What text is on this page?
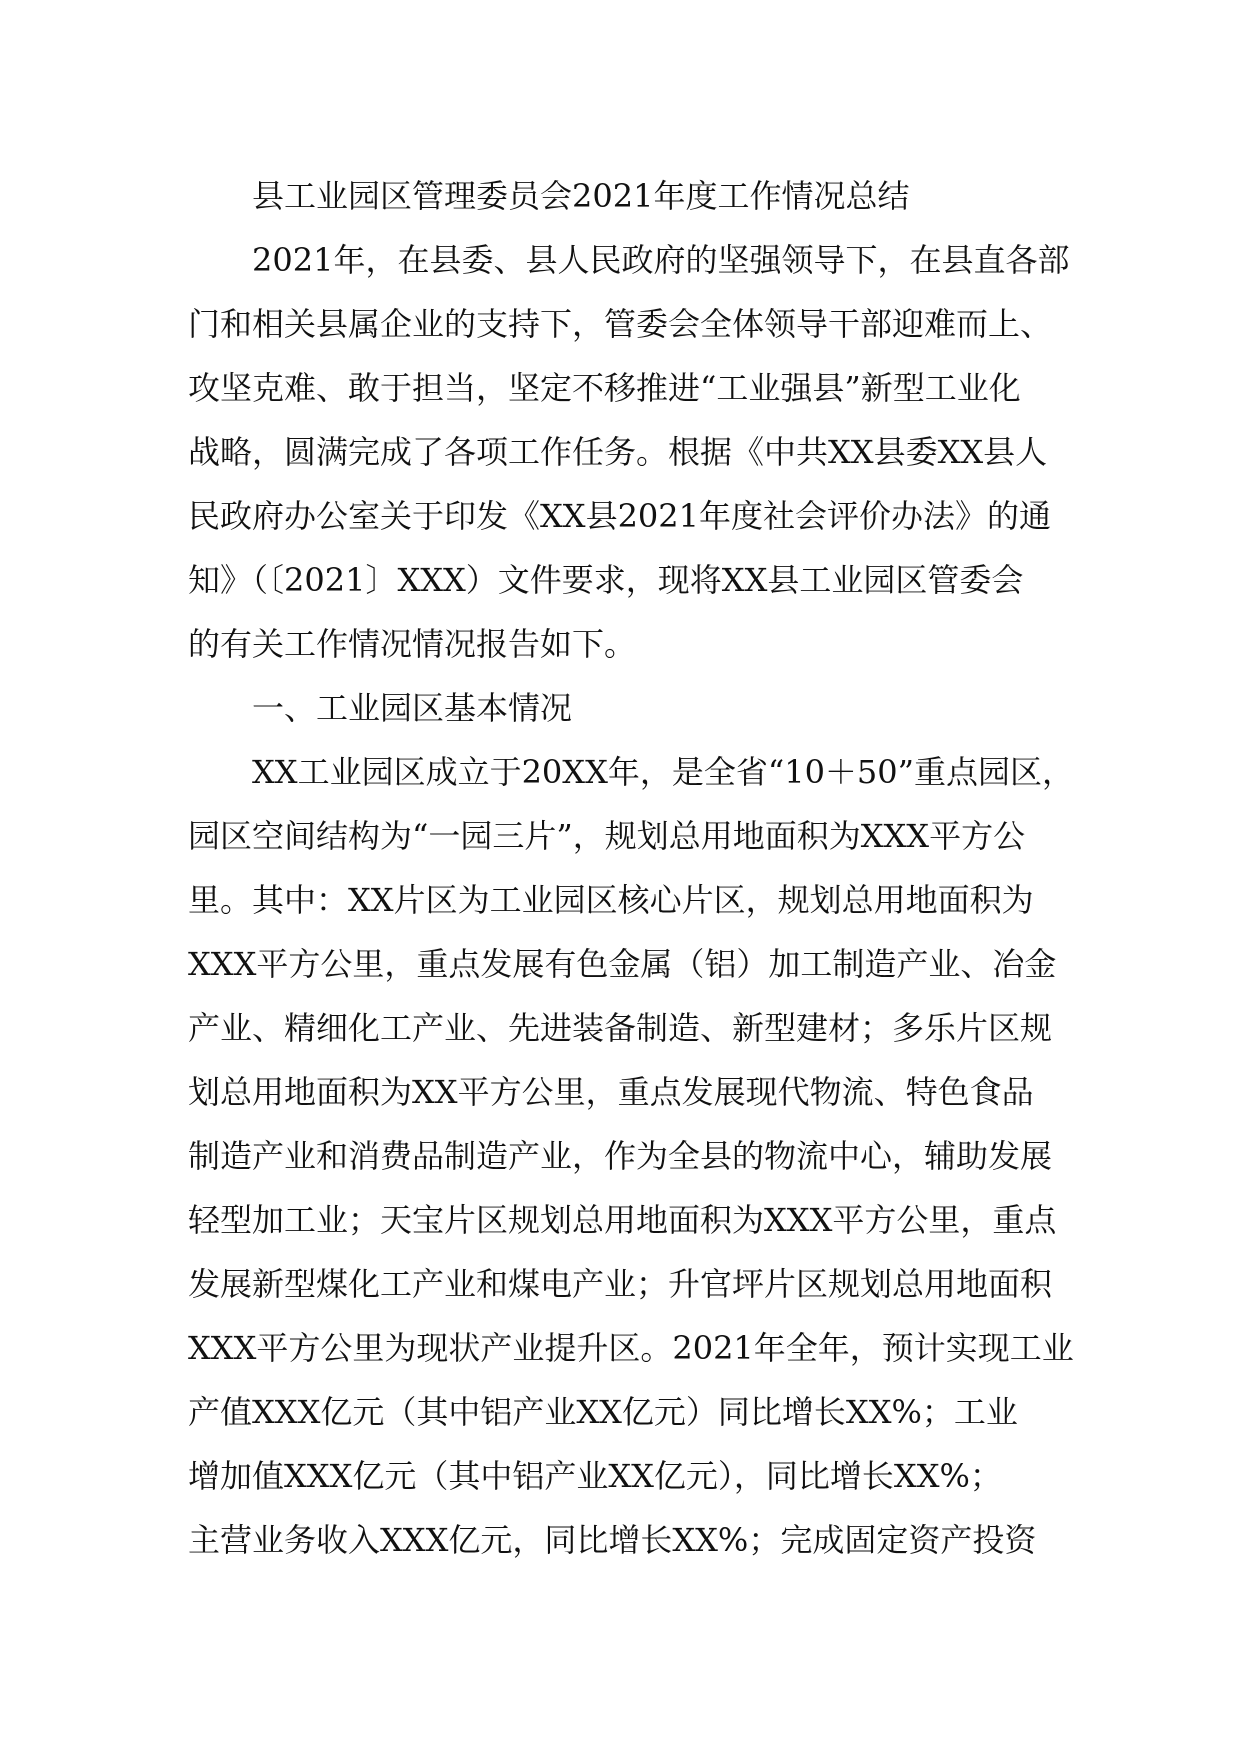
县工业园区管理委员会2021年度工作情况总结
2021年，在县委、县人民政府的坚强领导下，在县直各部
门和相关县属企业的支持下，管委会全体领导干部迎难而上、
攻坚克难、敢于担当，坚定不移推进“工业强县”新型工业化
战略，圆满完成了各项工作任务。根据《中共XX县委XX县人
民政府办公室关于印发《XX县2021年度社会评价办法》的通
知》（〔2021〕XXX）文件要求，现将XX县工业园区管委会
的有关工作情况情况报告如下。
一、工业园区基本情况
XX工业园区成立于20XX年，是全省“10＋50”重点园区，
园区空间结构为“一园三片”，规划总用地面积为XXX平方公
里。其中：XX片区为工业园区核心片区，规划总用地面积为
XXX平方公里，重点发展有色金属（铝）加工制造产业、冶金
产业、精细化工产业、先进装备制造、新型建材；多乐片区规
划总用地面积为XX平方公里，重点发展现代物流、特色食品
制造产业和消费品制造产业，作为全县的物流中心，辅助发展
轻型加工业；天宝片区规划总用地面积为XXX平方公里，重点
发展新型煤化工产业和煤电产业；升官坪片区规划总用地面积
XXX平方公里为现状产业提升区。2021年全年，预计实现工业
产值XXX亿元（其中铝产业XX亿元）同比增长XX%；工业
增加值XXX亿元（其中铝产业XX亿元），同比增长XX%；
主营业务收入XXX亿元，同比增长XX%；完成固定资产投资
